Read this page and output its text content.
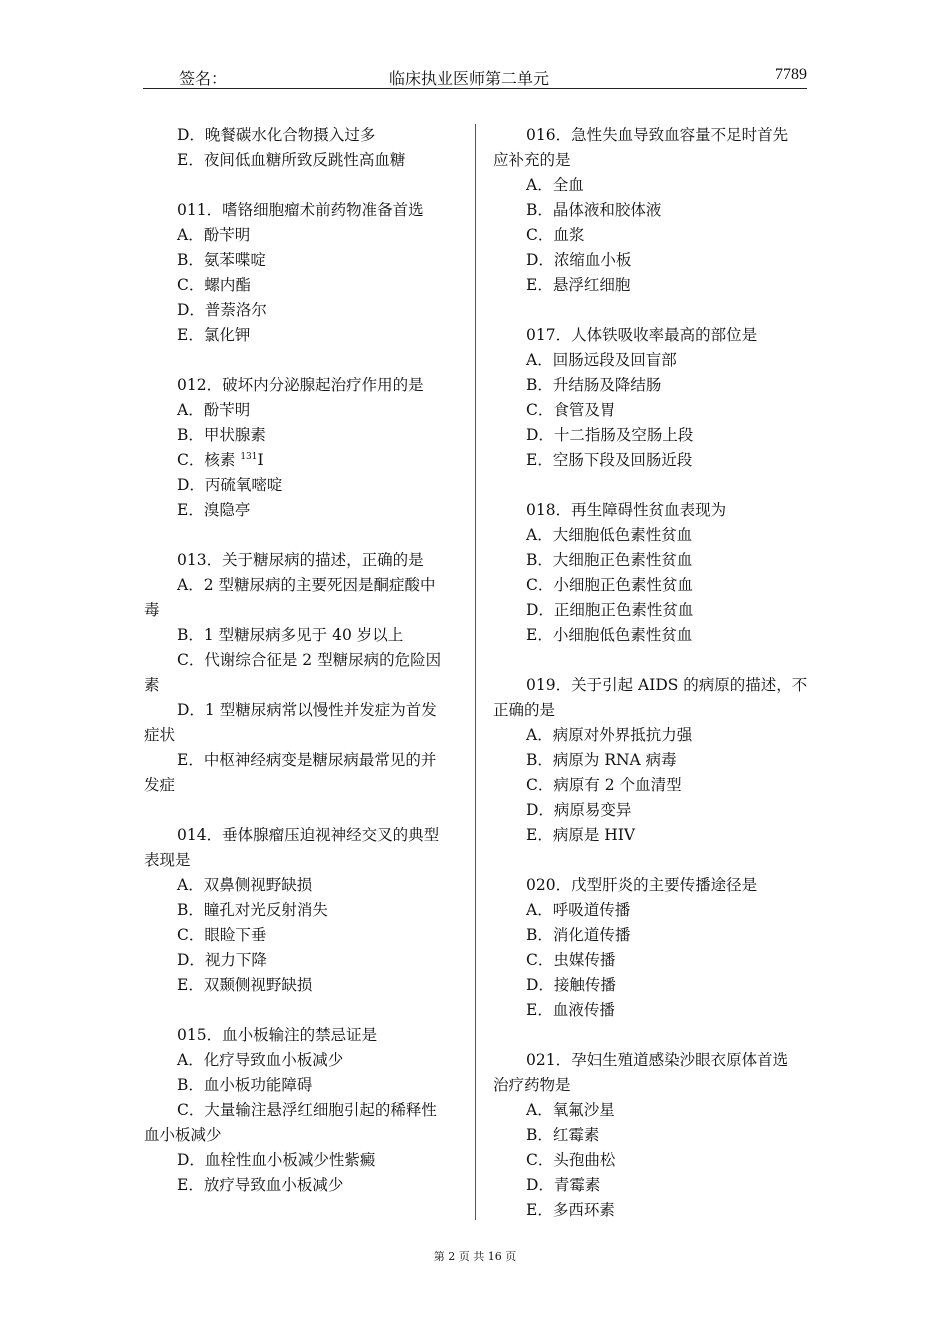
签名：	临床执业医师第二单元	7789
D．晚餐碳水化合物摄入过多
E．夜间低血糖所致反跳性高血糖
011．嗜铬细胞瘤术前药物准备首选
A．酚苄明
B．氨苯喋啶
C．螺内酯
D．普萘洛尔
E．氯化钾
012．破坏内分泌腺起治疗作用的是
A．酚苄明
B．甲状腺素
C．核素 $^{131}$I
D．丙硫氧嘧啶
E．溴隐亭
013．关于糖尿病的描述，正确的是
A．2 型糖尿病的主要死因是酮症酸中
毒
B．1 型糖尿病多见于 40 岁以上
C．代谢综合征是 2 型糖尿病的危险因
素
D．1 型糖尿病常以慢性并发症为首发
症状
E．中枢神经病变是糖尿病最常见的并
发症
014．垂体腺瘤压迫视神经交叉的典型
表现是
A．双鼻侧视野缺损
B．瞳孔对光反射消失
C．眼睑下垂
D．视力下降
E．双颞侧视野缺损
015．血小板输注的禁忌证是
A．化疗导致血小板减少
B．血小板功能障碍
C．大量输注悬浮红细胞引起的稀释性
血小板减少
D．血栓性血小板减少性紫癜
E．放疗导致血小板减少
016．急性失血导致血容量不足时首先
应补充的是
A．全血
B．晶体液和胶体液
C．血浆
D．浓缩血小板
E．悬浮红细胞
017．人体铁吸收率最高的部位是
A．回肠远段及回盲部
B．升结肠及降结肠
C．食管及胃
D．十二指肠及空肠上段
E．空肠下段及回肠近段
018．再生障碍性贫血表现为
A．大细胞低色素性贫血
B．大细胞正色素性贫血
C．小细胞正色素性贫血
D．正细胞正色素性贫血
E．小细胞低色素性贫血
019．关于引起 AIDS 的病原的描述，不
正确的是
A．病原对外界抵抗力强
B．病原为 RNA 病毒
C．病原有 2 个血清型
D．病原易变异
E．病原是 HIV
020．戊型肝炎的主要传播途径是
A．呼吸道传播
B．消化道传播
C．虫媒传播
D．接触传播
E．血液传播
021．孕妇生殖道感染沙眼衣原体首选
治疗药物是
A．氧氟沙星
B．红霉素
C．头孢曲松
D．青霉素
E．多西环素
第 2 页 共 16 页
